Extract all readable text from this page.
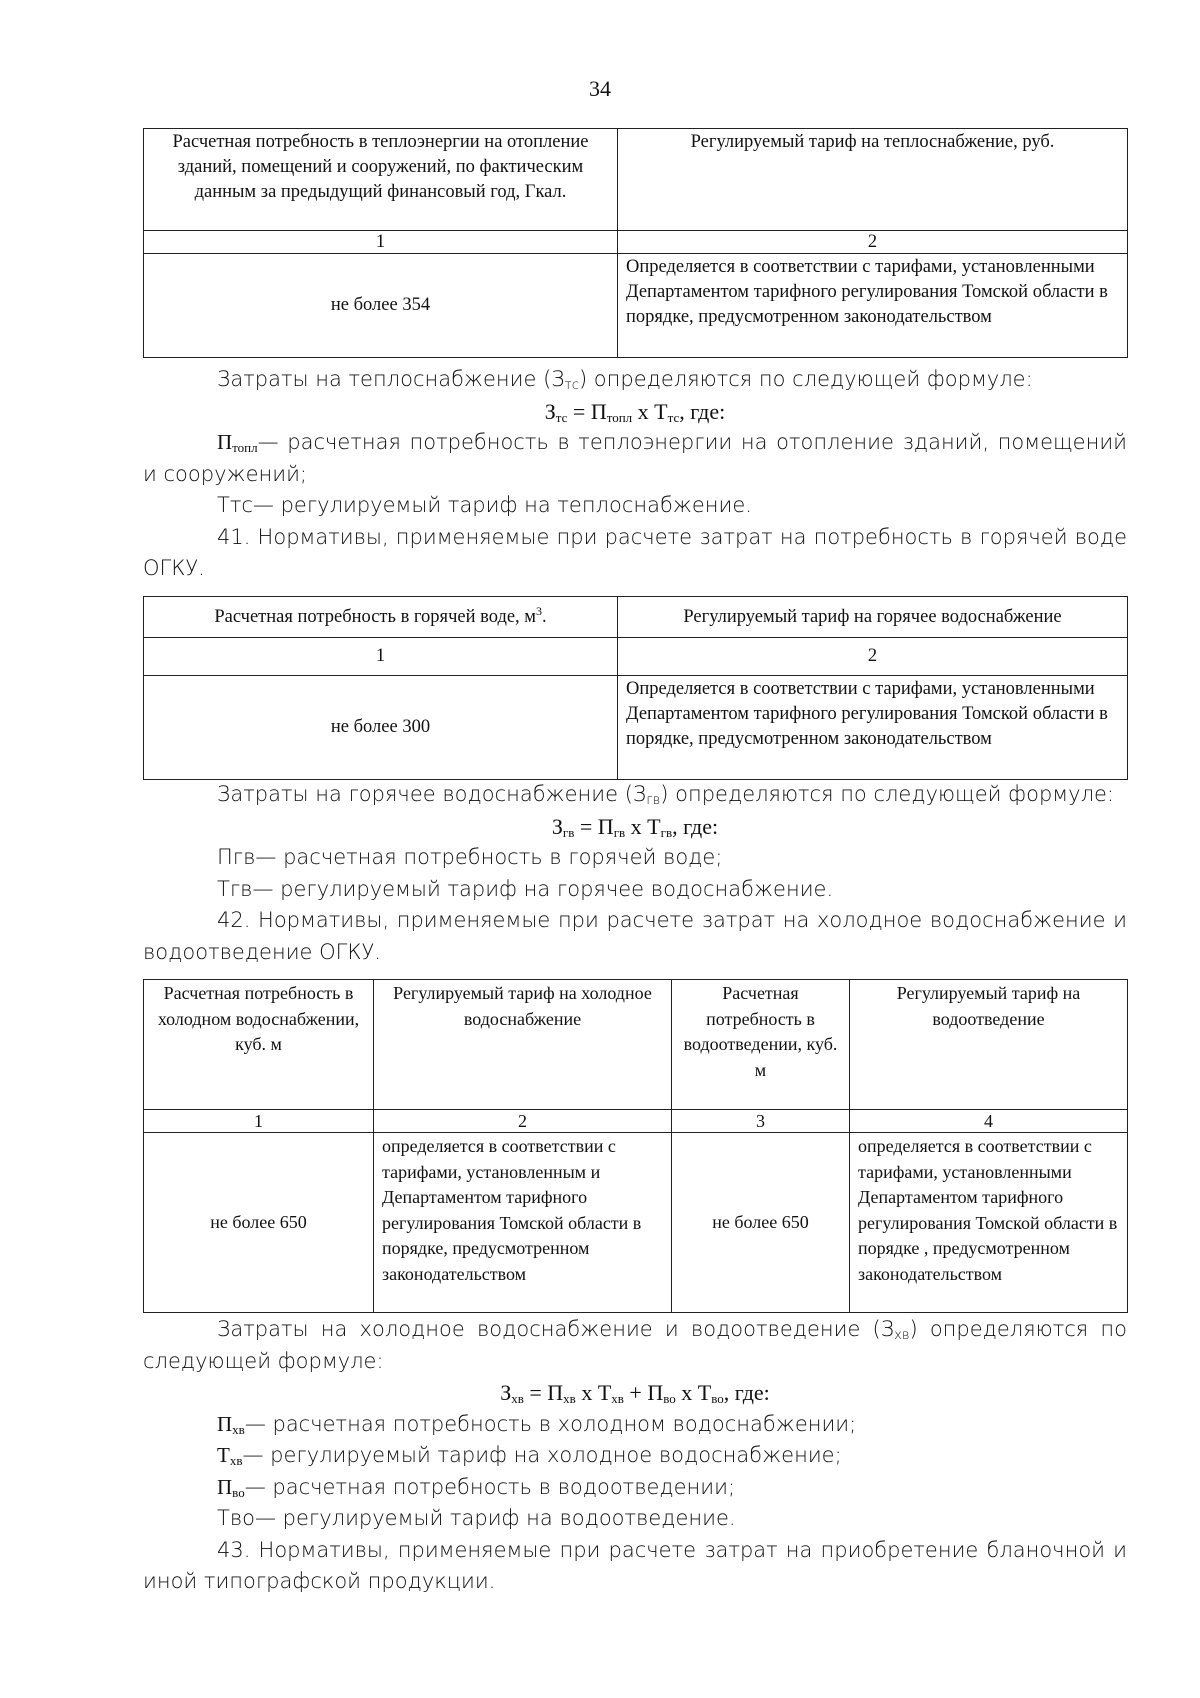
34
Расчетная потребность в теплоэнергии на отопление зданий, помещений и сооружений, по фактическим данным за предыдущий финансовый год, Гкал.	Регулируемый тариф на теплоснабжение, руб.
1	2
не более 354	Определяется в соответствии с тарифами, установленными Департаментом тарифного регулирования Томской области в порядке, предусмотренном законодательством

Затраты на теплоснабжение $(З_{тс})$ определяются по следующей формуле:

$З_{тс} = П_{топл}$ х $Т_{тс}$, где:

$П_{топл}—$ расчетная потребность в теплоэнергии на отопление зданий, помещений и сооружений;

Ттс— регулируемый тариф на теплоснабжение.

41. Нормативы, применяемые при расчете затрат на потребность в горячей воде ОГКУ.

Расчетная потребность в горячей воде, $м^3$.	Регулируемый тариф на горячее водоснабжение
1	2
не более 300	Определяется в соответствии с тарифами, установленными Департаментом тарифного регулирования Томской области в порядке, предусмотренном законодательством

Затраты на горячее водоснабжение $(З_{гв})$ определяются по следующей формуле:

$З_{гв} = П_{гв}$ х $Т_{гв}$, где:

Пгв— расчетная потребность в горячей воде;

Тгв— регулируемый тариф на горячее водоснабжение.

42. Нормативы, применяемые при расчете затрат на холодное водоснабжение и водоотведение ОГКУ.

Расчетная потребность в холодном водоснабжении, куб. м	Регулируемый тариф на холодное водоснабжение	Расчетная потребность в водоотведении, куб. м	Регулируемый тариф на водоотведение
1	2	3	4
не более 650	определяется в соответствии с тарифами, установленным и Департаментом тарифного регулирования Томской области в порядке, предусмотренном законодательством	не более 650	определяется в соответствии с тарифами, установленными Департаментом тарифного регулирования Томской области в порядке , предусмотренном законодательством

Затраты на холодное водоснабжение и водоотведение $(З_{хв})$ определяются по следующей формуле:

$З_{хв} = П_{хв}$ х $Т_{хв} + П_{во}$ х $Т_{во}$, где:

$П_{хв}—$ расчетная потребность в холодном водоснабжении;

$Т_{хв}—$ регулируемый тариф на холодное водоснабжение;

$П_{во}—$ расчетная потребность в водоотведении;

Тво— регулируемый тариф на водоотведение.

43. Нормативы, применяемые при расчете затрат на приобретение бланочной и иной типографской продукции.
